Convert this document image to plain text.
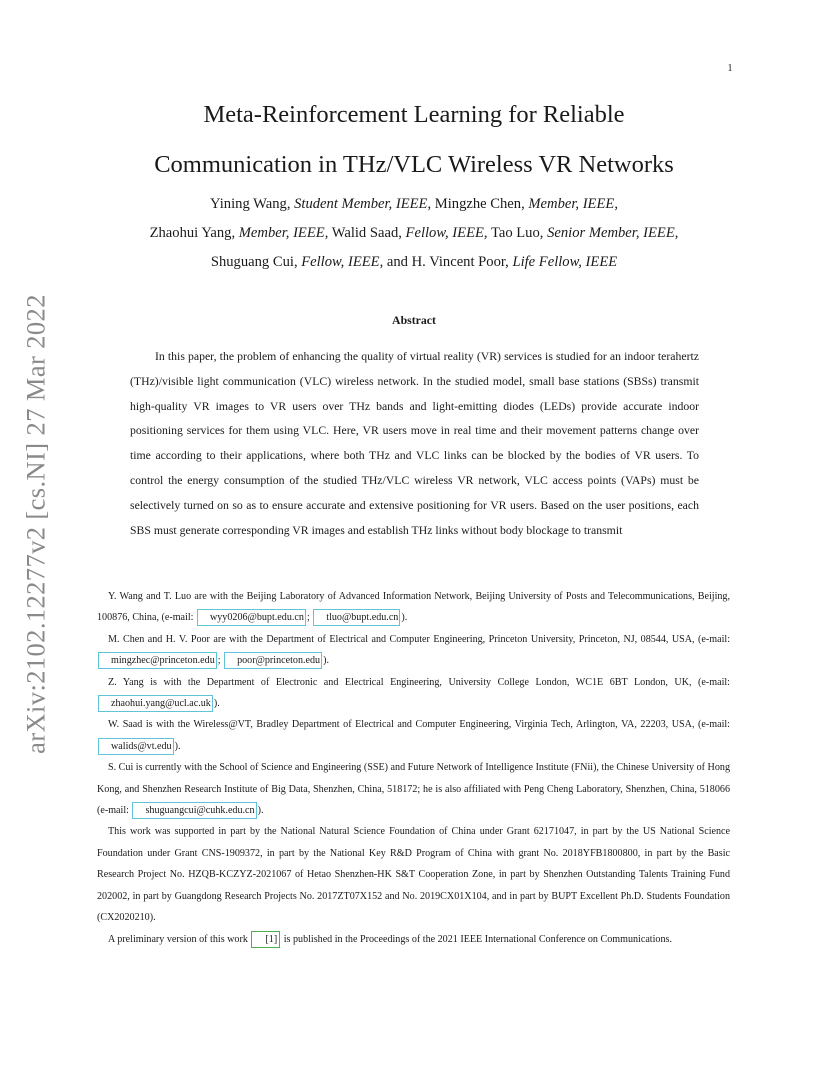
1
arXiv:2102.12277v2 [cs.NI] 27 Mar 2022
Meta-Reinforcement Learning for Reliable
Communication in THz/VLC Wireless VR Networks
Yining Wang, Student Member, IEEE, Mingzhe Chen, Member, IEEE,
Zhaohui Yang, Member, IEEE, Walid Saad, Fellow, IEEE, Tao Luo, Senior Member, IEEE,
Shuguang Cui, Fellow, IEEE, and H. Vincent Poor, Life Fellow, IEEE
Abstract

In this paper, the problem of enhancing the quality of virtual reality (VR) services is studied for an indoor terahertz (THz)/visible light communication (VLC) wireless network. In the studied model, small base stations (SBSs) transmit high-quality VR images to VR users over THz bands and light-emitting diodes (LEDs) provide accurate indoor positioning services for them using VLC. Here, VR users move in real time and their movement patterns change over time according to their applications, where both THz and VLC links can be blocked by the bodies of VR users. To control the energy consumption of the studied THz/VLC wireless VR network, VLC access points (VAPs) must be selectively turned on so as to ensure accurate and extensive positioning for VR users. Based on the user positions, each SBS must generate corresponding VR images and establish THz links without body blockage to transmit

Y. Wang and T. Luo are with the Beijing Laboratory of Advanced Information Network, Beijing University of Posts and Telecommunications, Beijing, 100876, China, (e-mail: wyy0206@bupt.edu.cn ; tluo@bupt.edu.cn ).

M. Chen and H. V. Poor are with the Department of Electrical and Computer Engineering, Princeton University, Princeton, NJ, 08544, USA, (e-mail: mingzhec@princeton.edu ; poor@princeton.edu ).

Z. Yang is with the Department of Electronic and Electrical Engineering, University College London, WC1E 6BT London, UK, (e-mail: zhaohui.yang@ucl.ac.uk ).

W. Saad is with the Wireless@VT, Bradley Department of Electrical and Computer Engineering, Virginia Tech, Arlington, VA, 22203, USA, (e-mail: walids@vt.edu ).

S. Cui is currently with the School of Science and Engineering (SSE) and Future Network of Intelligence Institute (FNii), the Chinese University of Hong Kong, and Shenzhen Research Institute of Big Data, Shenzhen, China, 518172; he is also affiliated with Peng Cheng Laboratory, Shenzhen, China, 518066 (e-mail: shuguangcui@cuhk.edu.cn ).

This work was supported in part by the National Natural Science Foundation of China under Grant 62171047, in part by the US National Science Foundation under Grant CNS-1909372, in part by the National Key R&D Program of China with grant No. 2018YFB1800800, in part by the Basic Research Project No. HZQB-KCZYZ-2021067 of Hetao Shenzhen-HK S&T Cooperation Zone, in part by Shenzhen Outstanding Talents Training Fund 202002, in part by Guangdong Research Projects No. 2017ZT07X152 and No. 2019CX01X104, and in part by BUPT Excellent Ph.D. Students Foundation (CX2020210).

A preliminary version of this work [1] is published in the Proceedings of the 2021 IEEE International Conference on Communications.
